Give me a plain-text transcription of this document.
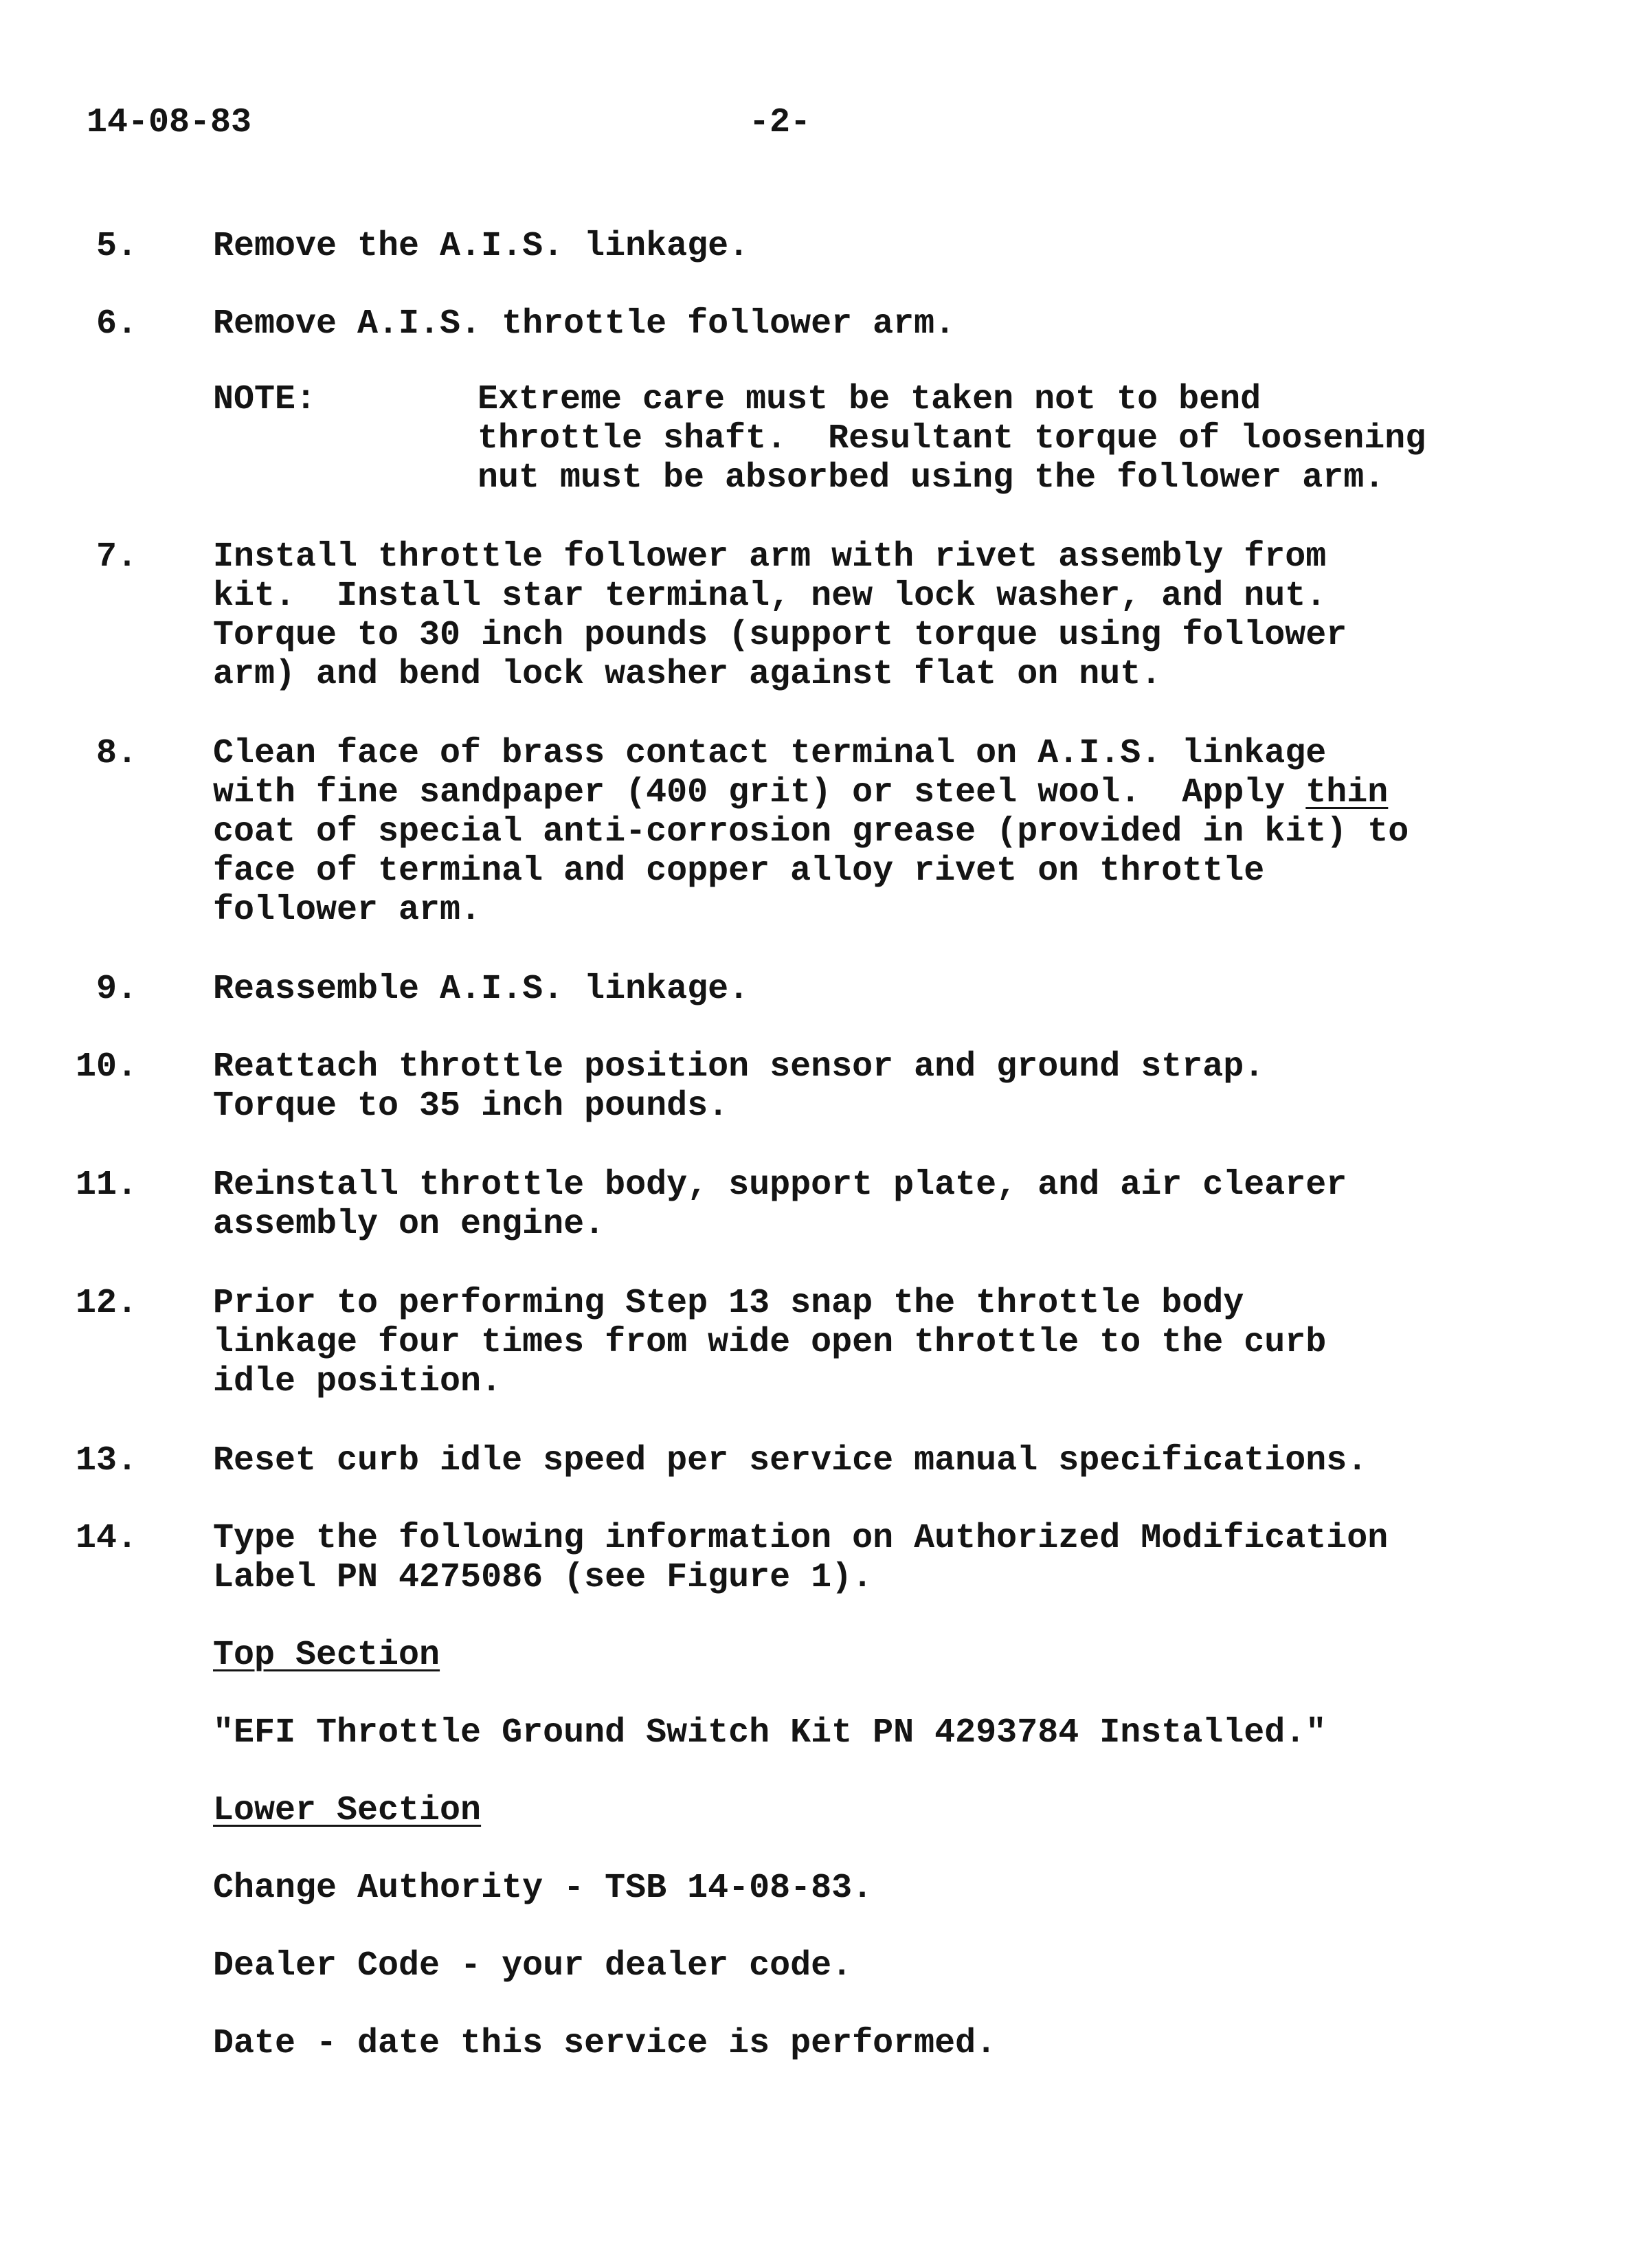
14-08-83	-2-
5. Remove the A.I.S. linkage.
6. Remove A.I.S. throttle follower arm.
NOTE:	Extreme care must be taken not to bend
throttle shaft.  Resultant torque of loosening
nut must be absorbed using the follower arm.
7. Install throttle follower arm with rivet assembly from
kit.  Install star terminal, new lock washer, and nut.
Torque to 30 inch pounds (support torque using follower
arm) and bend lock washer against flat on nut.
8. Clean face of brass contact terminal on A.I.S. linkage
with fine sandpaper (400 grit) or steel wool.  Apply thin
coat of special anti-corrosion grease (provided in kit) to
face of terminal and copper alloy rivet on throttle
follower arm.
9. Reassemble A.I.S. linkage.
10. Reattach throttle position sensor and ground strap.
Torque to 35 inch pounds.
11. Reinstall throttle body, support plate, and air clearer
assembly on engine.
12. Prior to performing Step 13 snap the throttle body
linkage four times from wide open throttle to the curb
idle position.
13. Reset curb idle speed per service manual specifications.
14. Type the following information on Authorized Modification
Label PN 4275086 (see Figure 1).
Top Section
"EFI Throttle Ground Switch Kit PN 4293784 Installed."
Lower Section
Change Authority - TSB 14-08-83.
Dealer Code - your dealer code.
Date - date this service is performed.
